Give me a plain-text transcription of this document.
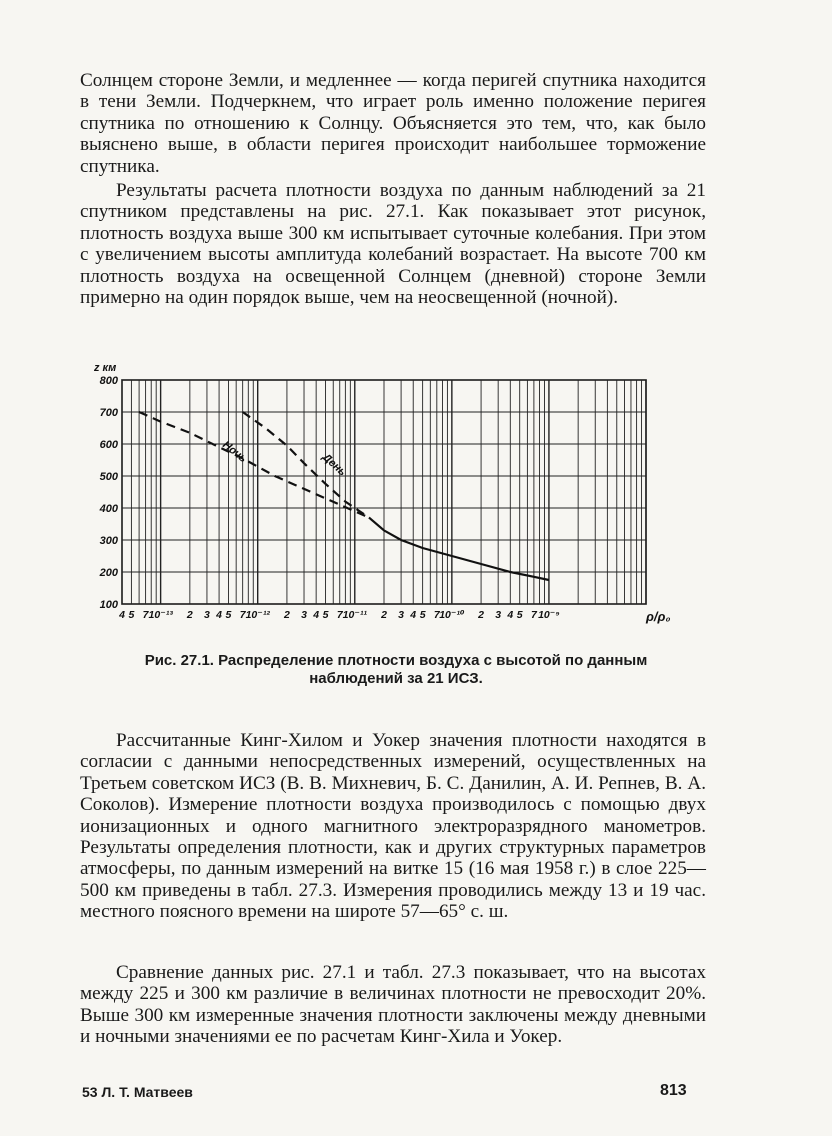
Солнцем стороне Земли, и медленнее — когда перигей спутника находится в тени Земли. Подчеркнем, что играет роль именно положение перигея спутника по отношению к Солнцу. Объясняется это тем, что, как было выяснено выше, в области перигея происходит наибольшее торможение спутника.

Результаты расчета плотности воздуха по данным наблюдений за 21 спутником представлены на рис. 27.1. Как показывает этот рисунок, плотность воздуха выше 300 км испытывает суточные колебания. При этом с увеличением высоты амплитуда колебаний возрастает. На высоте 700 км плотность воздуха на освещенной Солнцем (дневной) стороне Земли примерно на один порядок выше, чем на неосвещенной (ночной).

z км
100
200
300
400
500
600
700
800
4 5 7 10⁻¹³ 2 3 4 5 7 10⁻¹² 2 3 4 5 7 10⁻¹¹ 2 3 4 5 7 10⁻¹⁰ 2 3 4 5 7 10⁻⁹	ρ/ρ₀
Ночь	День
Рис. 27.1. Распределение плотности воздуха с высотой по данным наблюдений за 21 ИСЗ.

Рассчитанные Кинг-Хилом и Уокер значения плотности находятся в согласии с данными непосредственных измерений, осуществленных на Третьем советском ИСЗ (В. В. Михневич, Б. С. Данилин, А. И. Репнев, В. А. Соколов). Измерение плотности воздуха производилось с помощью двух ионизационных и одного магнитного электроразрядного манометров. Результаты определения плотности, как и других структурных параметров атмосферы, по данным измерений на витке 15 (16 мая 1958 г.) в слое 225—500 км приведены в табл. 27.3. Измерения проводились между 13 и 19 час. местного поясного времени на широте 57—65° с. ш.

Сравнение данных рис. 27.1 и табл. 27.3 показывает, что на высотах между 225 и 300 км различие в величинах плотности не превосходит 20%. Выше 300 км измеренные значения плотности заключены между дневными и ночными значениями ее по расчетам Кинг-Хила и Уокер.

53 Л. Т. Матвеев	813
